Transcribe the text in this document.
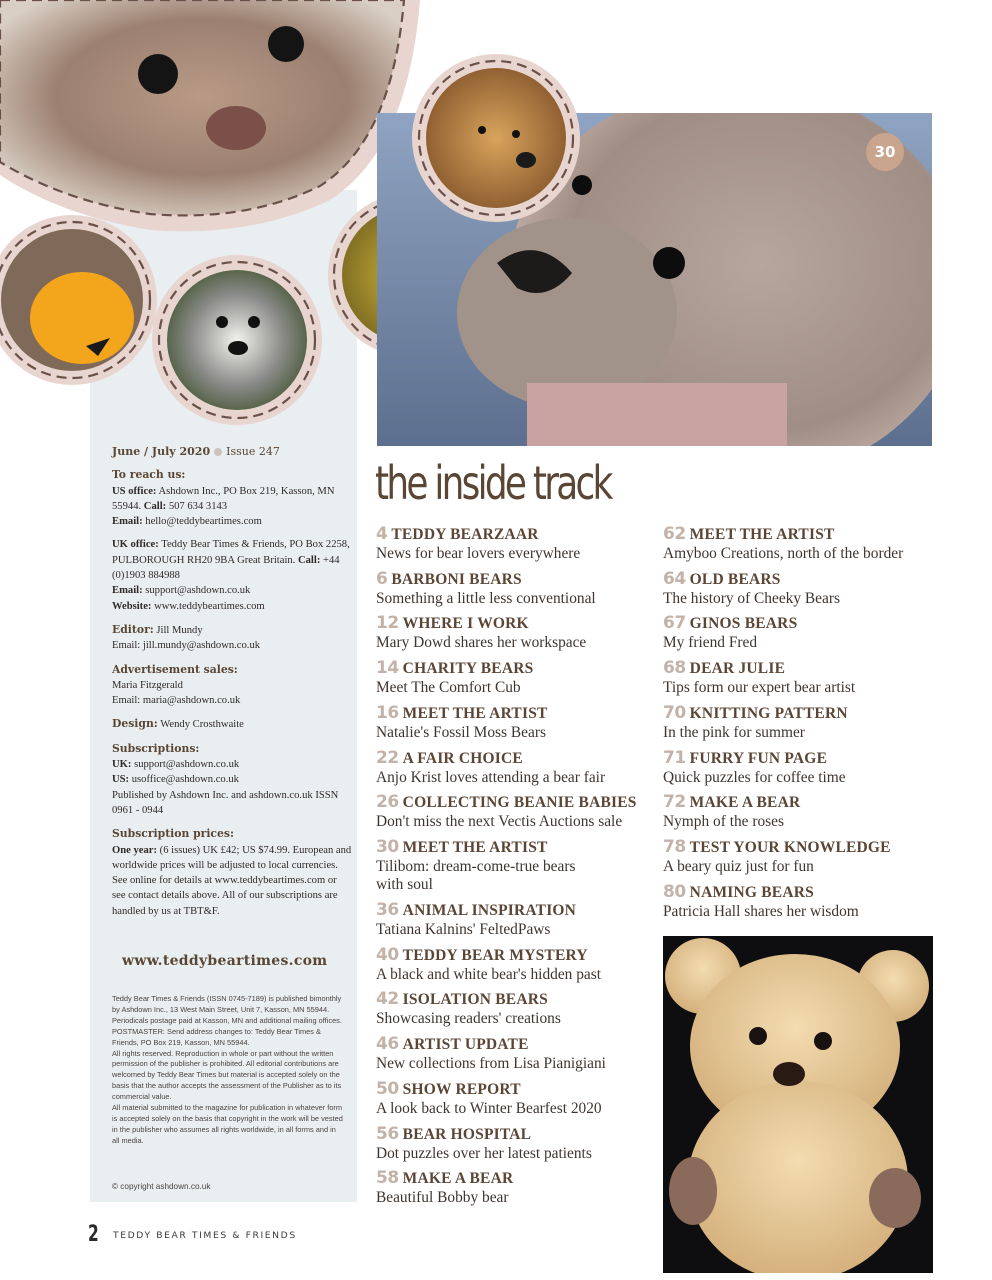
30

June / July 2020 Issue 247

To reach us:
US office: Ashdown Inc., PO Box 219, Kasson, MN 55944. Call: 507 634 3143
Email: hello@teddybeartimes.com

UK office: Teddy Bear Times & Friends, PO Box 2258, PULBOROUGH RH20 9BA Great Britain. Call: +44 (0)1903 884988
Email: support@ashdown.co.uk
Website: www.teddybeartimes.com

Editor: Jill Mundy
Email: jill.mundy@ashdown.co.uk

Advertisement sales:
Maria Fitzgerald
Email: maria@ashdown.co.uk

Design: Wendy Crosthwaite

Subscriptions:
UK: support@ashdown.co.uk
US: usoffice@ashdown.co.uk
Published by Ashdown Inc. and ashdown.co.uk ISSN 0961 - 0944

Subscription prices:
One year: (6 issues) UK £42; US $74.99. European and worldwide prices will be adjusted to local currencies. See online for details at www.teddybeartimes.com or see contact details above. All of our subscriptions are handled by us at TBT&F.

www.teddybeartimes.com

Teddy Bear Times & Friends (ISSN 0745-7189) is published bimonthly by Ashdown Inc., 13 West Main Street, Unit 7, Kasson, MN 55944. Periodicals postage paid at Kasson, MN and additional mailing offices. POSTMASTER: Send address changes to: Teddy Bear Times & Friends, PO Box 219, Kasson, MN 55944.

All rights reserved. Reproduction in whole or part without the written permission of the publisher is prohibited. All editorial contributions are welcomed by Teddy Bear Times but material is accepted solely on the basis that the author accepts the assessment of the Publisher as to its commercial value.

All material submitted to the magazine for publication in whatever form is accepted solely on the basis that copyright in the work will be vested in the publisher who assumes all rights worldwide, in all forms and in all media.

© copyright ashdown.co.uk
2 TEDDY BEAR TIMES & FRIENDS
the inside track
4 TEDDY BEARZAAR
News for bear lovers everywhere
6 BARBONI BEARS
Something a little less conventional
12 WHERE I WORK
Mary Dowd shares her workspace
14 CHARITY BEARS
Meet The Comfort Cub
16 MEET THE ARTIST
Natalie's Fossil Moss Bears
22 A FAIR CHOICE
Anjo Krist loves attending a bear fair
26 COLLECTING BEANIE BABIES
Don't miss the next Vectis Auctions sale
30 MEET THE ARTIST
Tilibom: dream-come-true bears
with soul
36 ANIMAL INSPIRATION
Tatiana Kalnins' FeltedPaws
40 TEDDY BEAR MYSTERY
A black and white bear's hidden past
42 ISOLATION BEARS
Showcasing readers' creations
46 ARTIST UPDATE
New collections from Lisa Pianigiani
50 SHOW REPORT
A look back to Winter Bearfest 2020
56 BEAR HOSPITAL
Dot puzzles over her latest patients
58 MAKE A BEAR
Beautiful Bobby bear
62 MEET THE ARTIST
Amyboo Creations, north of the border
64 OLD BEARS
The history of Cheeky Bears
67 GINOS BEARS
My friend Fred
68 DEAR JULIE
Tips form our expert bear artist
70 KNITTING PATTERN
In the pink for summer
71 FURRY FUN PAGE
Quick puzzles for coffee time
72 MAKE A BEAR
Nymph of the roses
78 TEST YOUR KNOWLEDGE
A beary quiz just for fun
80 NAMING BEARS
Patricia Hall shares her wisdom
